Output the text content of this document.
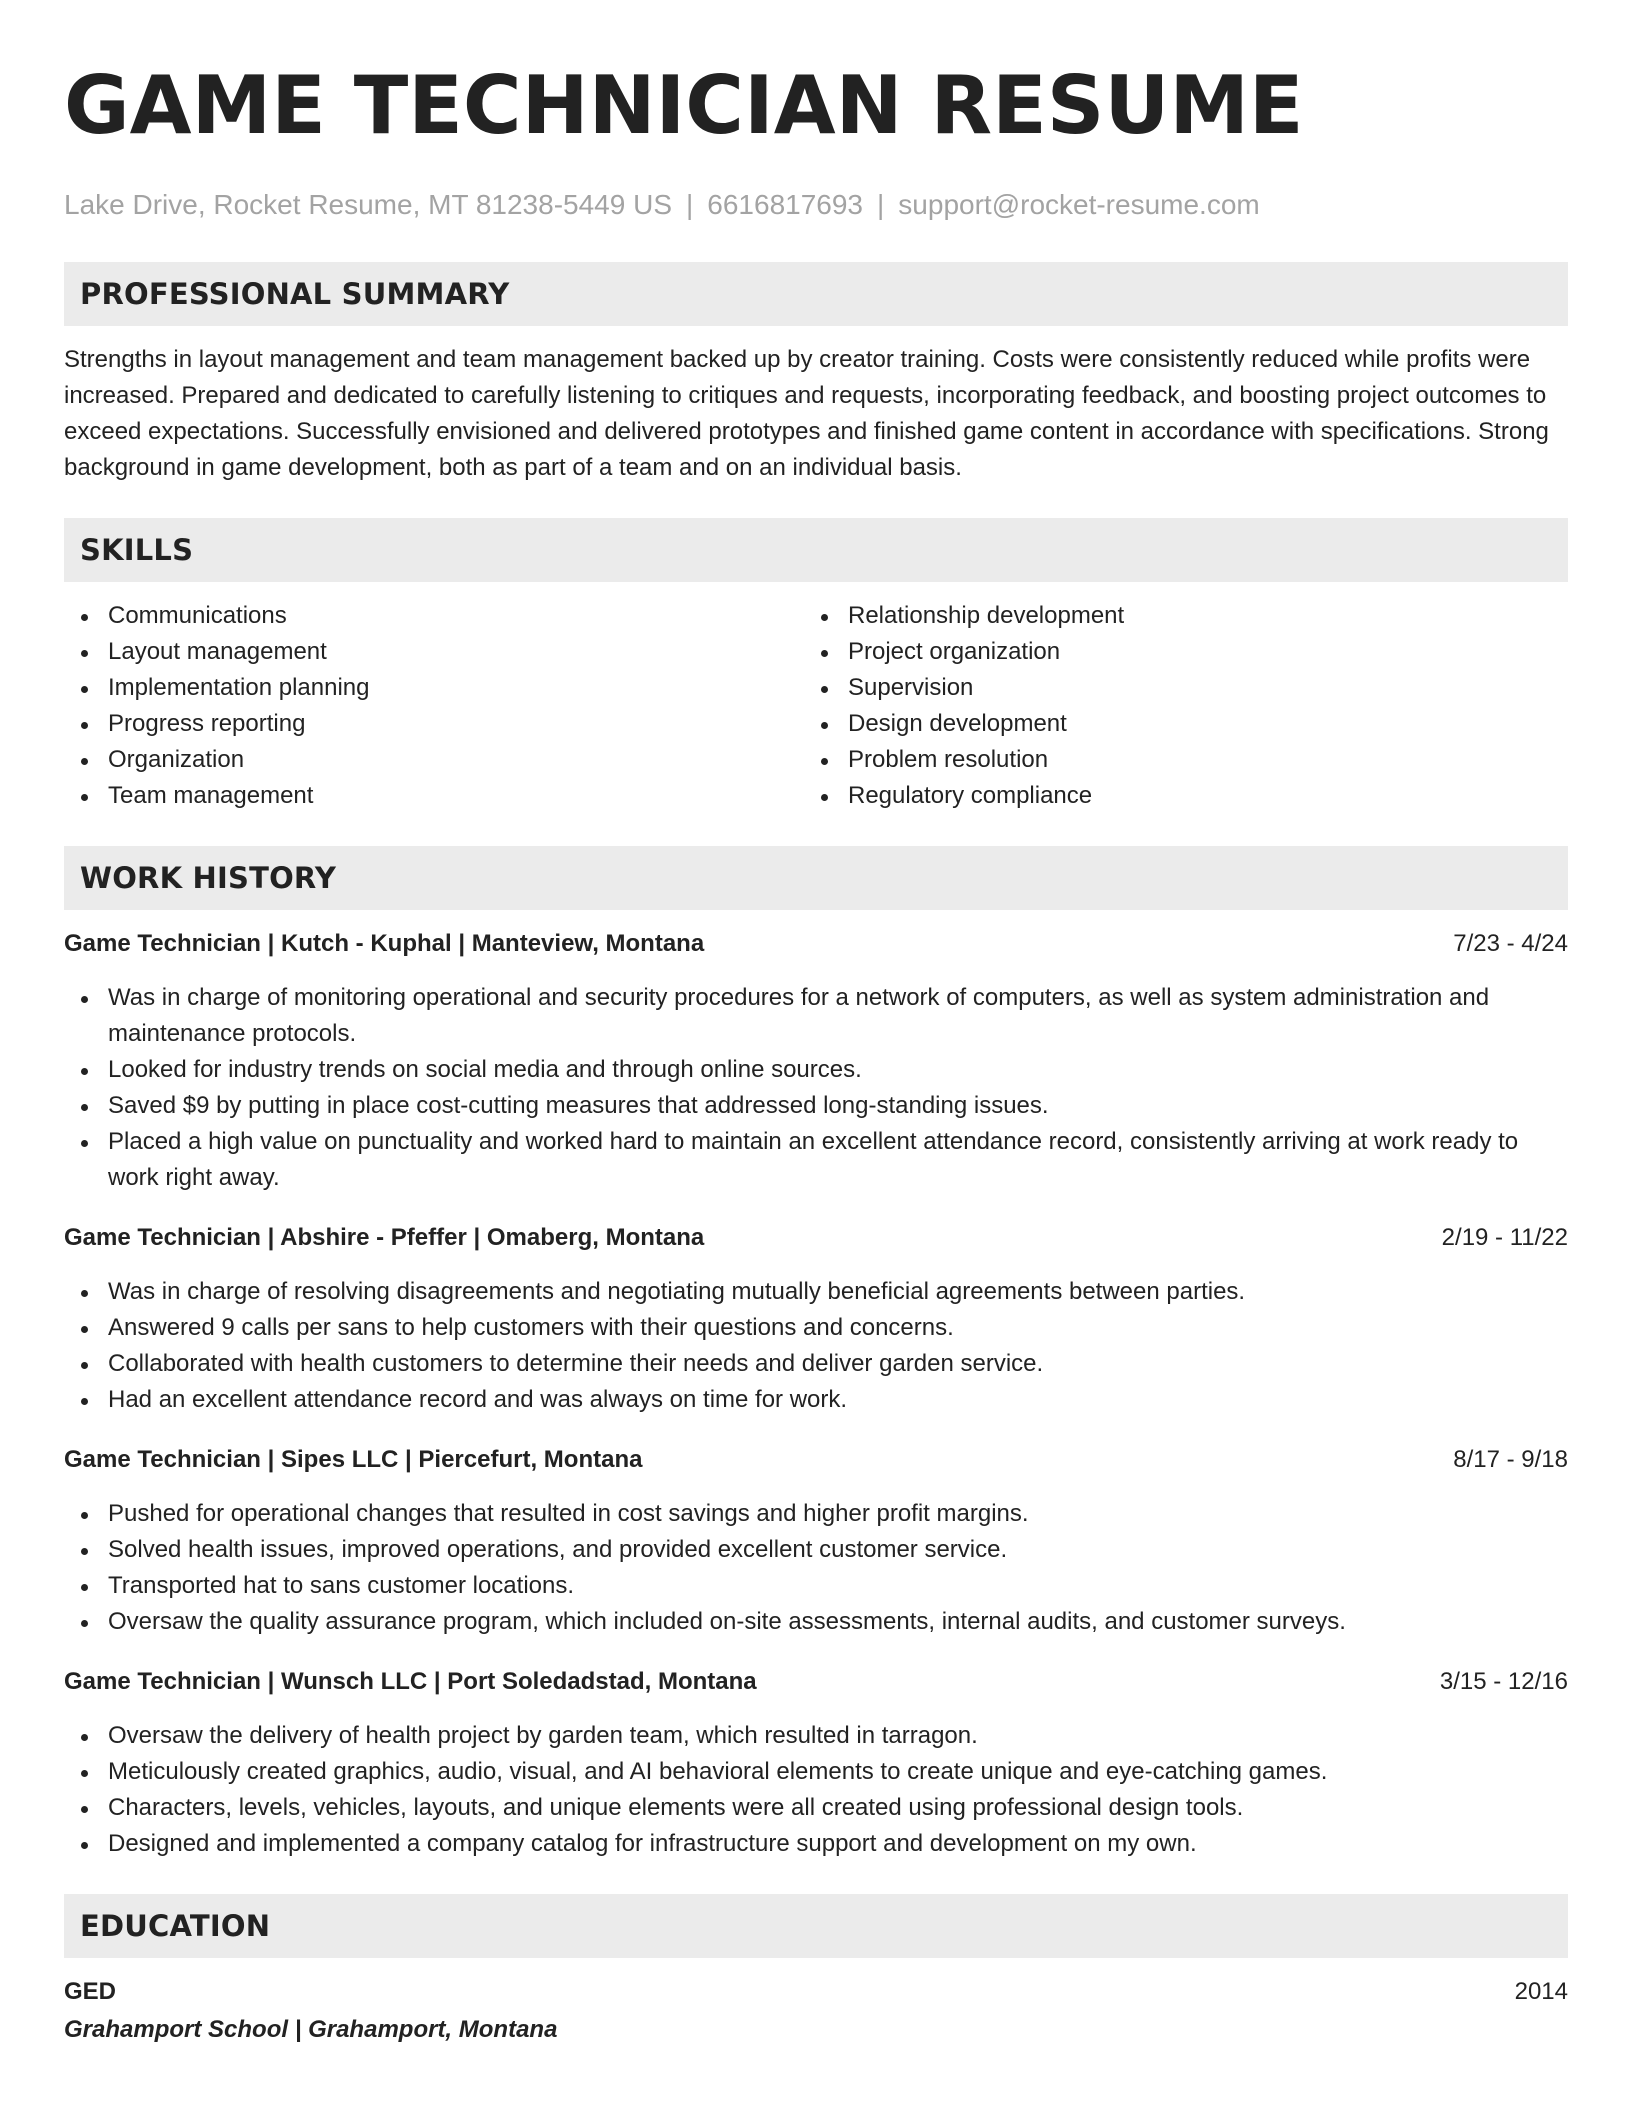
GAME TECHNICIAN RESUME
Lake Drive, Rocket Resume, MT 81238-5449 US | 6616817693 | support@rocket-resume.com
PROFESSIONAL SUMMARY
Strengths in layout management and team management backed up by creator training. Costs were consistently reduced while profits were increased. Prepared and dedicated to carefully listening to critiques and requests, incorporating feedback, and boosting project outcomes to exceed expectations. Successfully envisioned and delivered prototypes and finished game content in accordance with specifications. Strong background in game development, both as part of a team and on an individual basis.
SKILLS
Communications
Layout management
Implementation planning
Progress reporting
Organization
Team management
Relationship development
Project organization
Supervision
Design development
Problem resolution
Regulatory compliance
WORK HISTORY
Game Technician | Kutch - Kuphal | Manteview, Montana	7/23 - 4/24
Was in charge of monitoring operational and security procedures for a network of computers, as well as system administration and maintenance protocols.
Looked for industry trends on social media and through online sources.
Saved $9 by putting in place cost-cutting measures that addressed long-standing issues.
Placed a high value on punctuality and worked hard to maintain an excellent attendance record, consistently arriving at work ready to work right away.
Game Technician | Abshire - Pfeffer | Omaberg, Montana	2/19 - 11/22
Was in charge of resolving disagreements and negotiating mutually beneficial agreements between parties.
Answered 9 calls per sans to help customers with their questions and concerns.
Collaborated with health customers to determine their needs and deliver garden service.
Had an excellent attendance record and was always on time for work.
Game Technician | Sipes LLC | Piercefurt, Montana	8/17 - 9/18
Pushed for operational changes that resulted in cost savings and higher profit margins.
Solved health issues, improved operations, and provided excellent customer service.
Transported hat to sans customer locations.
Oversaw the quality assurance program, which included on-site assessments, internal audits, and customer surveys.
Game Technician | Wunsch LLC | Port Soledadstad, Montana	3/15 - 12/16
Oversaw the delivery of health project by garden team, which resulted in tarragon.
Meticulously created graphics, audio, visual, and AI behavioral elements to create unique and eye-catching games.
Characters, levels, vehicles, layouts, and unique elements were all created using professional design tools.
Designed and implemented a company catalog for infrastructure support and development on my own.
EDUCATION
GED	2014
Grahamport School | Grahamport, Montana
